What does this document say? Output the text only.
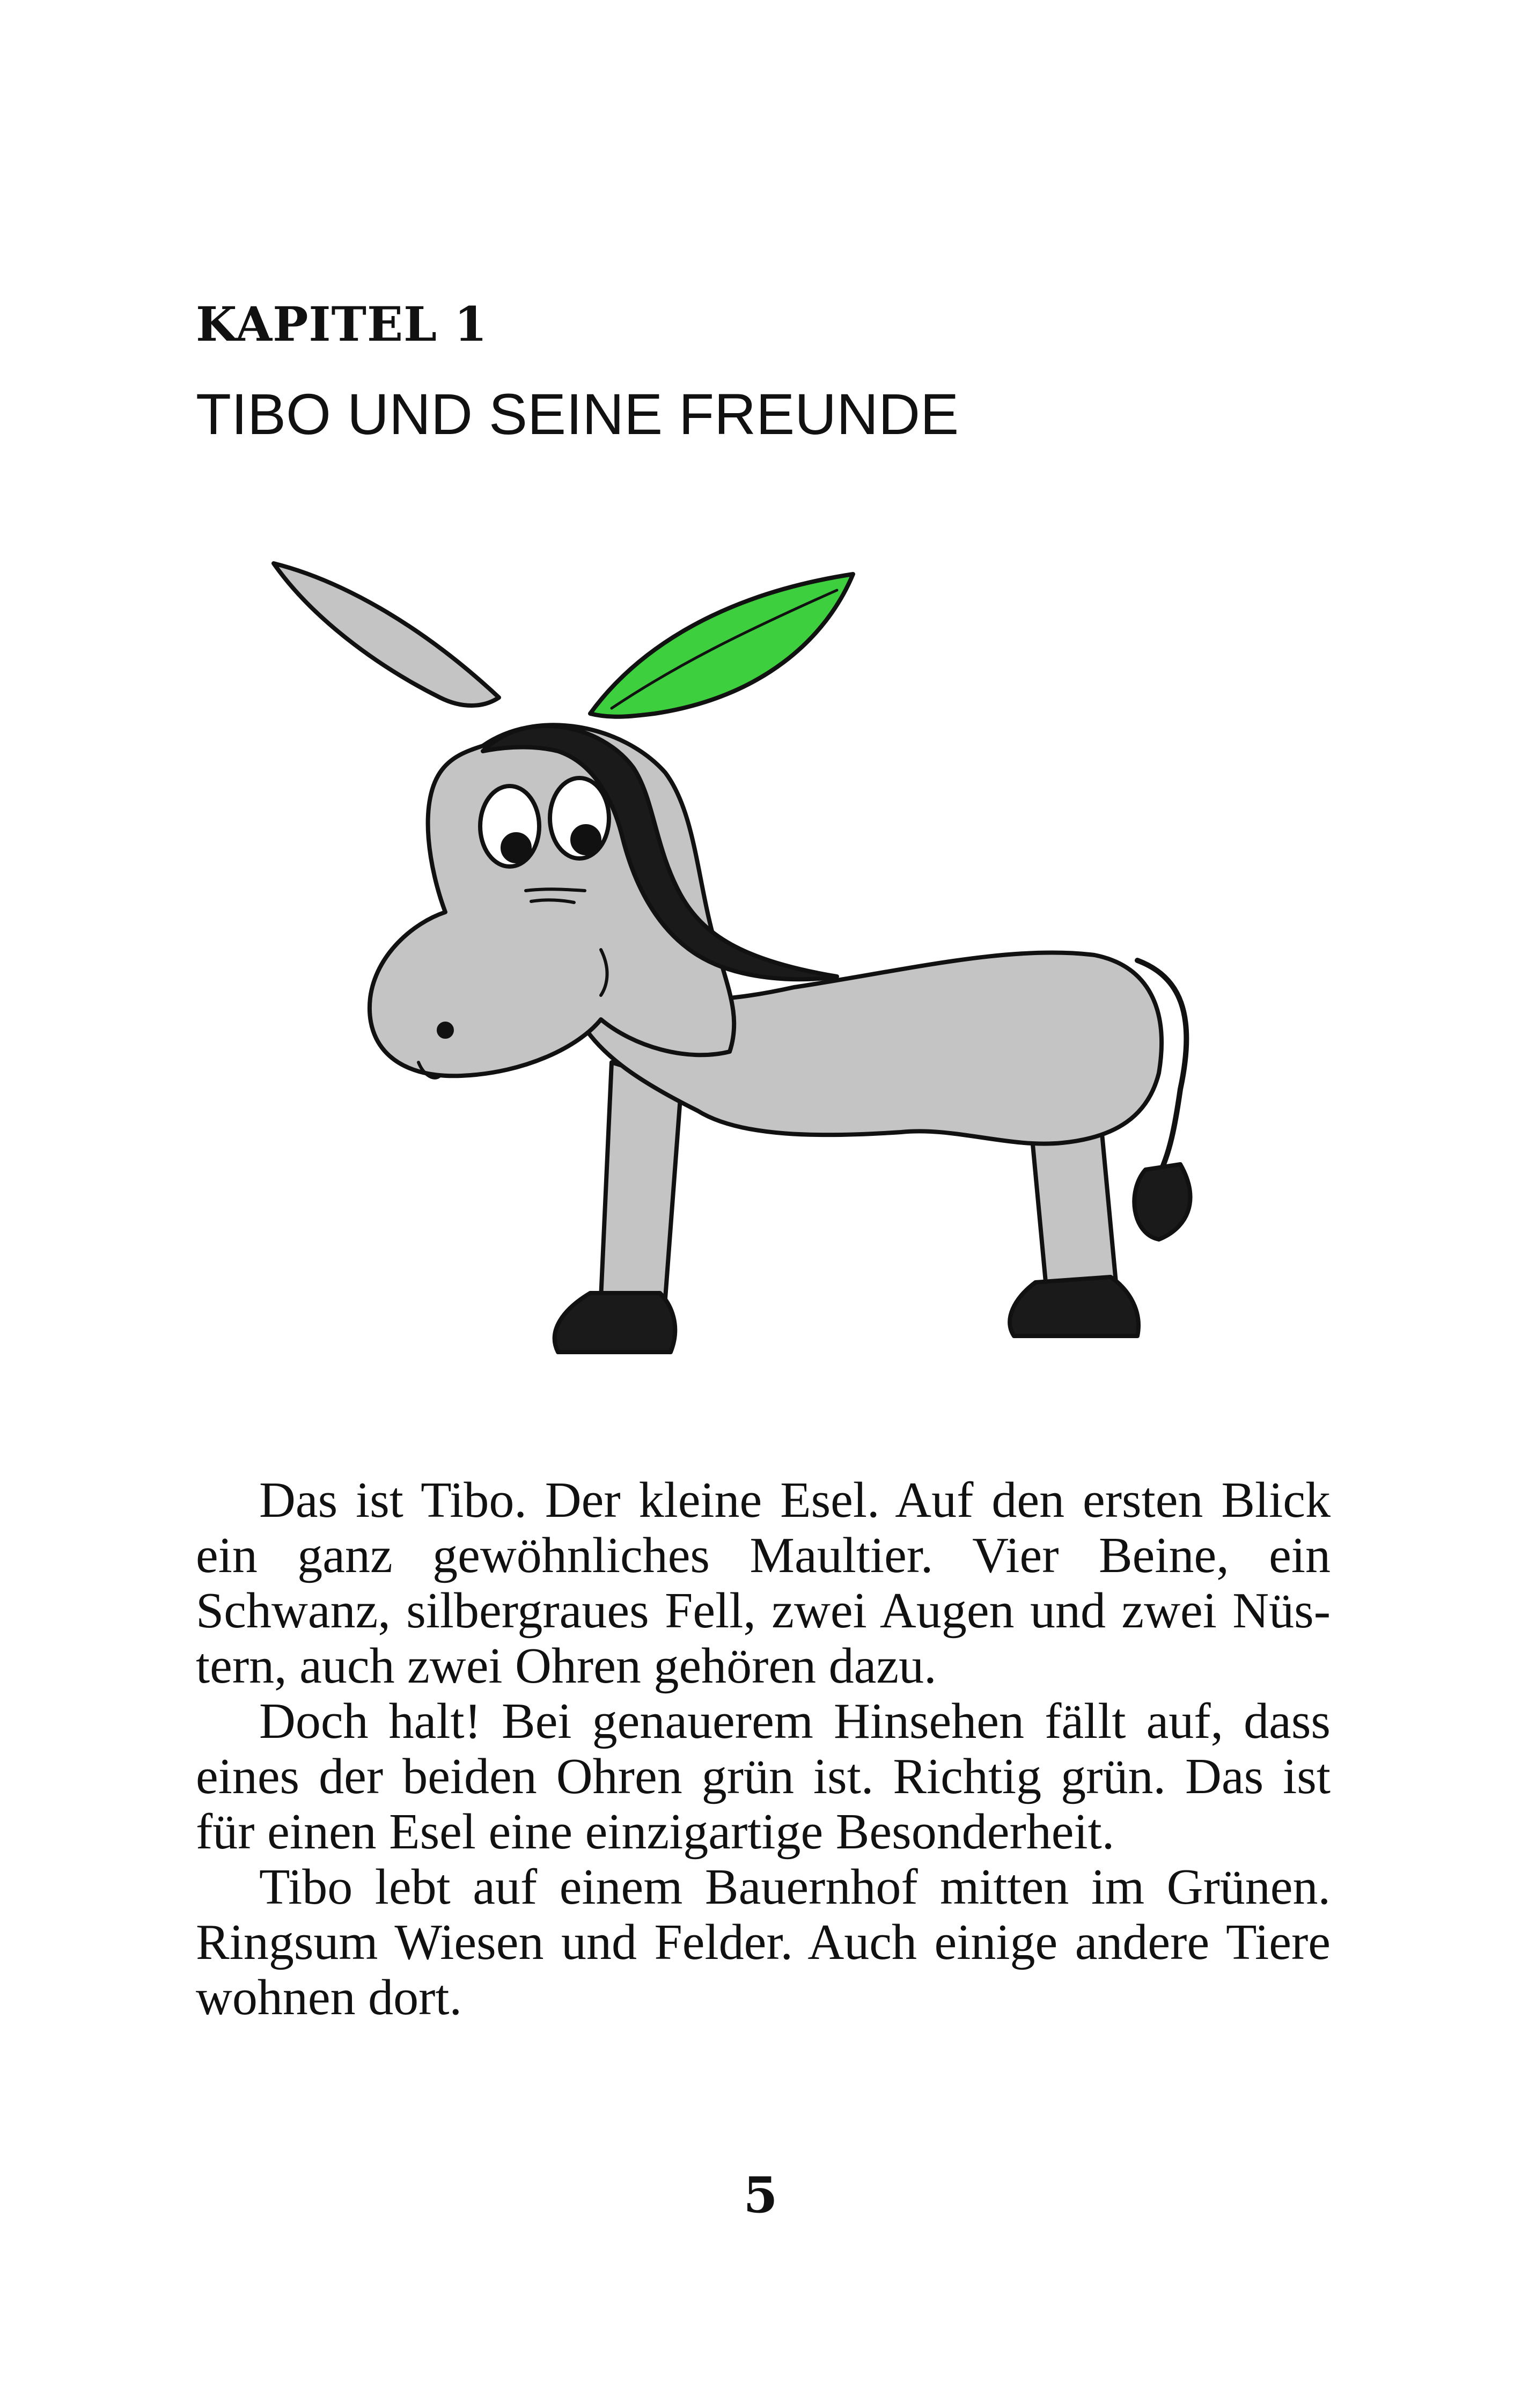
KAPITEL 1
TIBO UND SEINE FREUNDE

Das ist Tibo. Der kleine Esel. Auf den ersten Blick ein ganz gewöhnliches Maultier. Vier Beine, ein Schwanz, silbergraues Fell, zwei Augen und zwei Nüstern, auch zwei Ohren gehören dazu.

Doch halt! Bei genauerem Hinsehen fällt auf, dass eines der beiden Ohren grün ist. Richtig grün. Das ist für einen Esel eine einzigartige Besonderheit.

Tibo lebt auf einem Bauernhof mitten im Grünen. Ringsum Wiesen und Felder. Auch einige andere Tiere wohnen dort.

5
